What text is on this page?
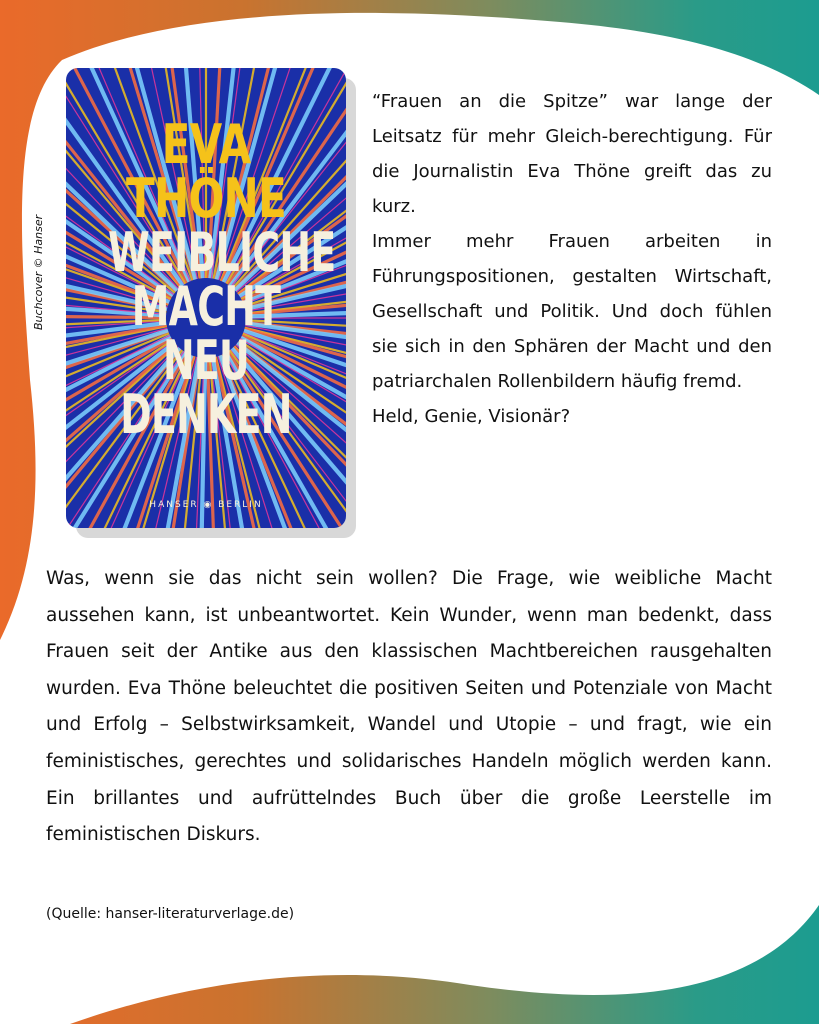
EVA
THÖNE
WEIBLICHE
MACHT
NEU
DENKEN
HANSER ◉ BERLIN
Buchcover © Hanser

“Frauen an die Spitze” war lange der Leitsatz für mehr Gleich-berechtigung. Für die Journalistin Eva Thöne greift das zu kurz.

Immer mehr Frauen arbeiten in Führungspositionen, gestalten Wirtschaft, Gesellschaft und Politik. Und doch fühlen sie sich in den Sphären der Macht und den patriarchalen Rollenbildern häufig fremd.

Held, Genie, Visionär?

Was, wenn sie das nicht sein wollen? Die Frage, wie weibliche Macht aussehen kann, ist unbeantwortet. Kein Wunder, wenn man bedenkt, dass Frauen seit der Antike aus den klassischen Machtbereichen rausgehalten wurden. Eva Thöne beleuchtet die positiven Seiten und Potenziale von Macht und Erfolg – Selbstwirksamkeit, Wandel und Utopie – und fragt, wie ein feministisches, gerechtes und solidarisches Handeln möglich werden kann. Ein brillantes und aufrüttelndes Buch über die große Leerstelle im feministischen Diskurs.
(Quelle: hanser-literaturverlage.de)
